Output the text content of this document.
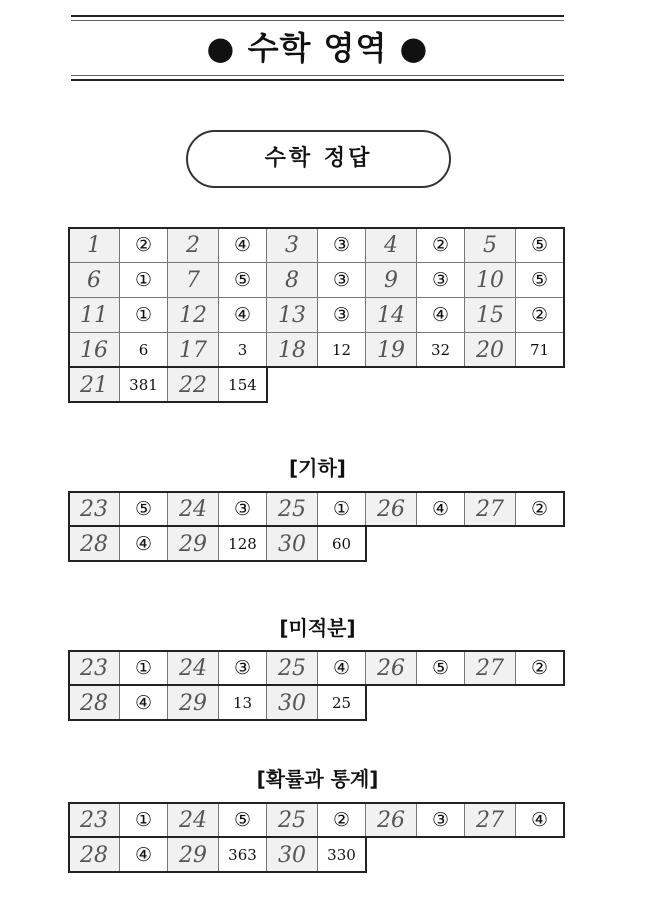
● 수학 영역 ●
수학 정답
1	②	2	④	3	③	4	②	5	⑤
6	①	7	⑤	8	③	9	③	10	⑤
11	①	12	④	13	③	14	④	15	②
16	6	17	3	18	12	19	32	20	71
21	381	22	154						
[기하]
23	⑤	24	③	25	①	26	④	27	②
28	④	29	128	30	60				
[미적분]
23	①	24	③	25	④	26	⑤	27	②
28	④	29	13	30	25				
[확률과 통계]
23	①	24	⑤	25	②	26	③	27	④
28	④	29	363	30	330				
